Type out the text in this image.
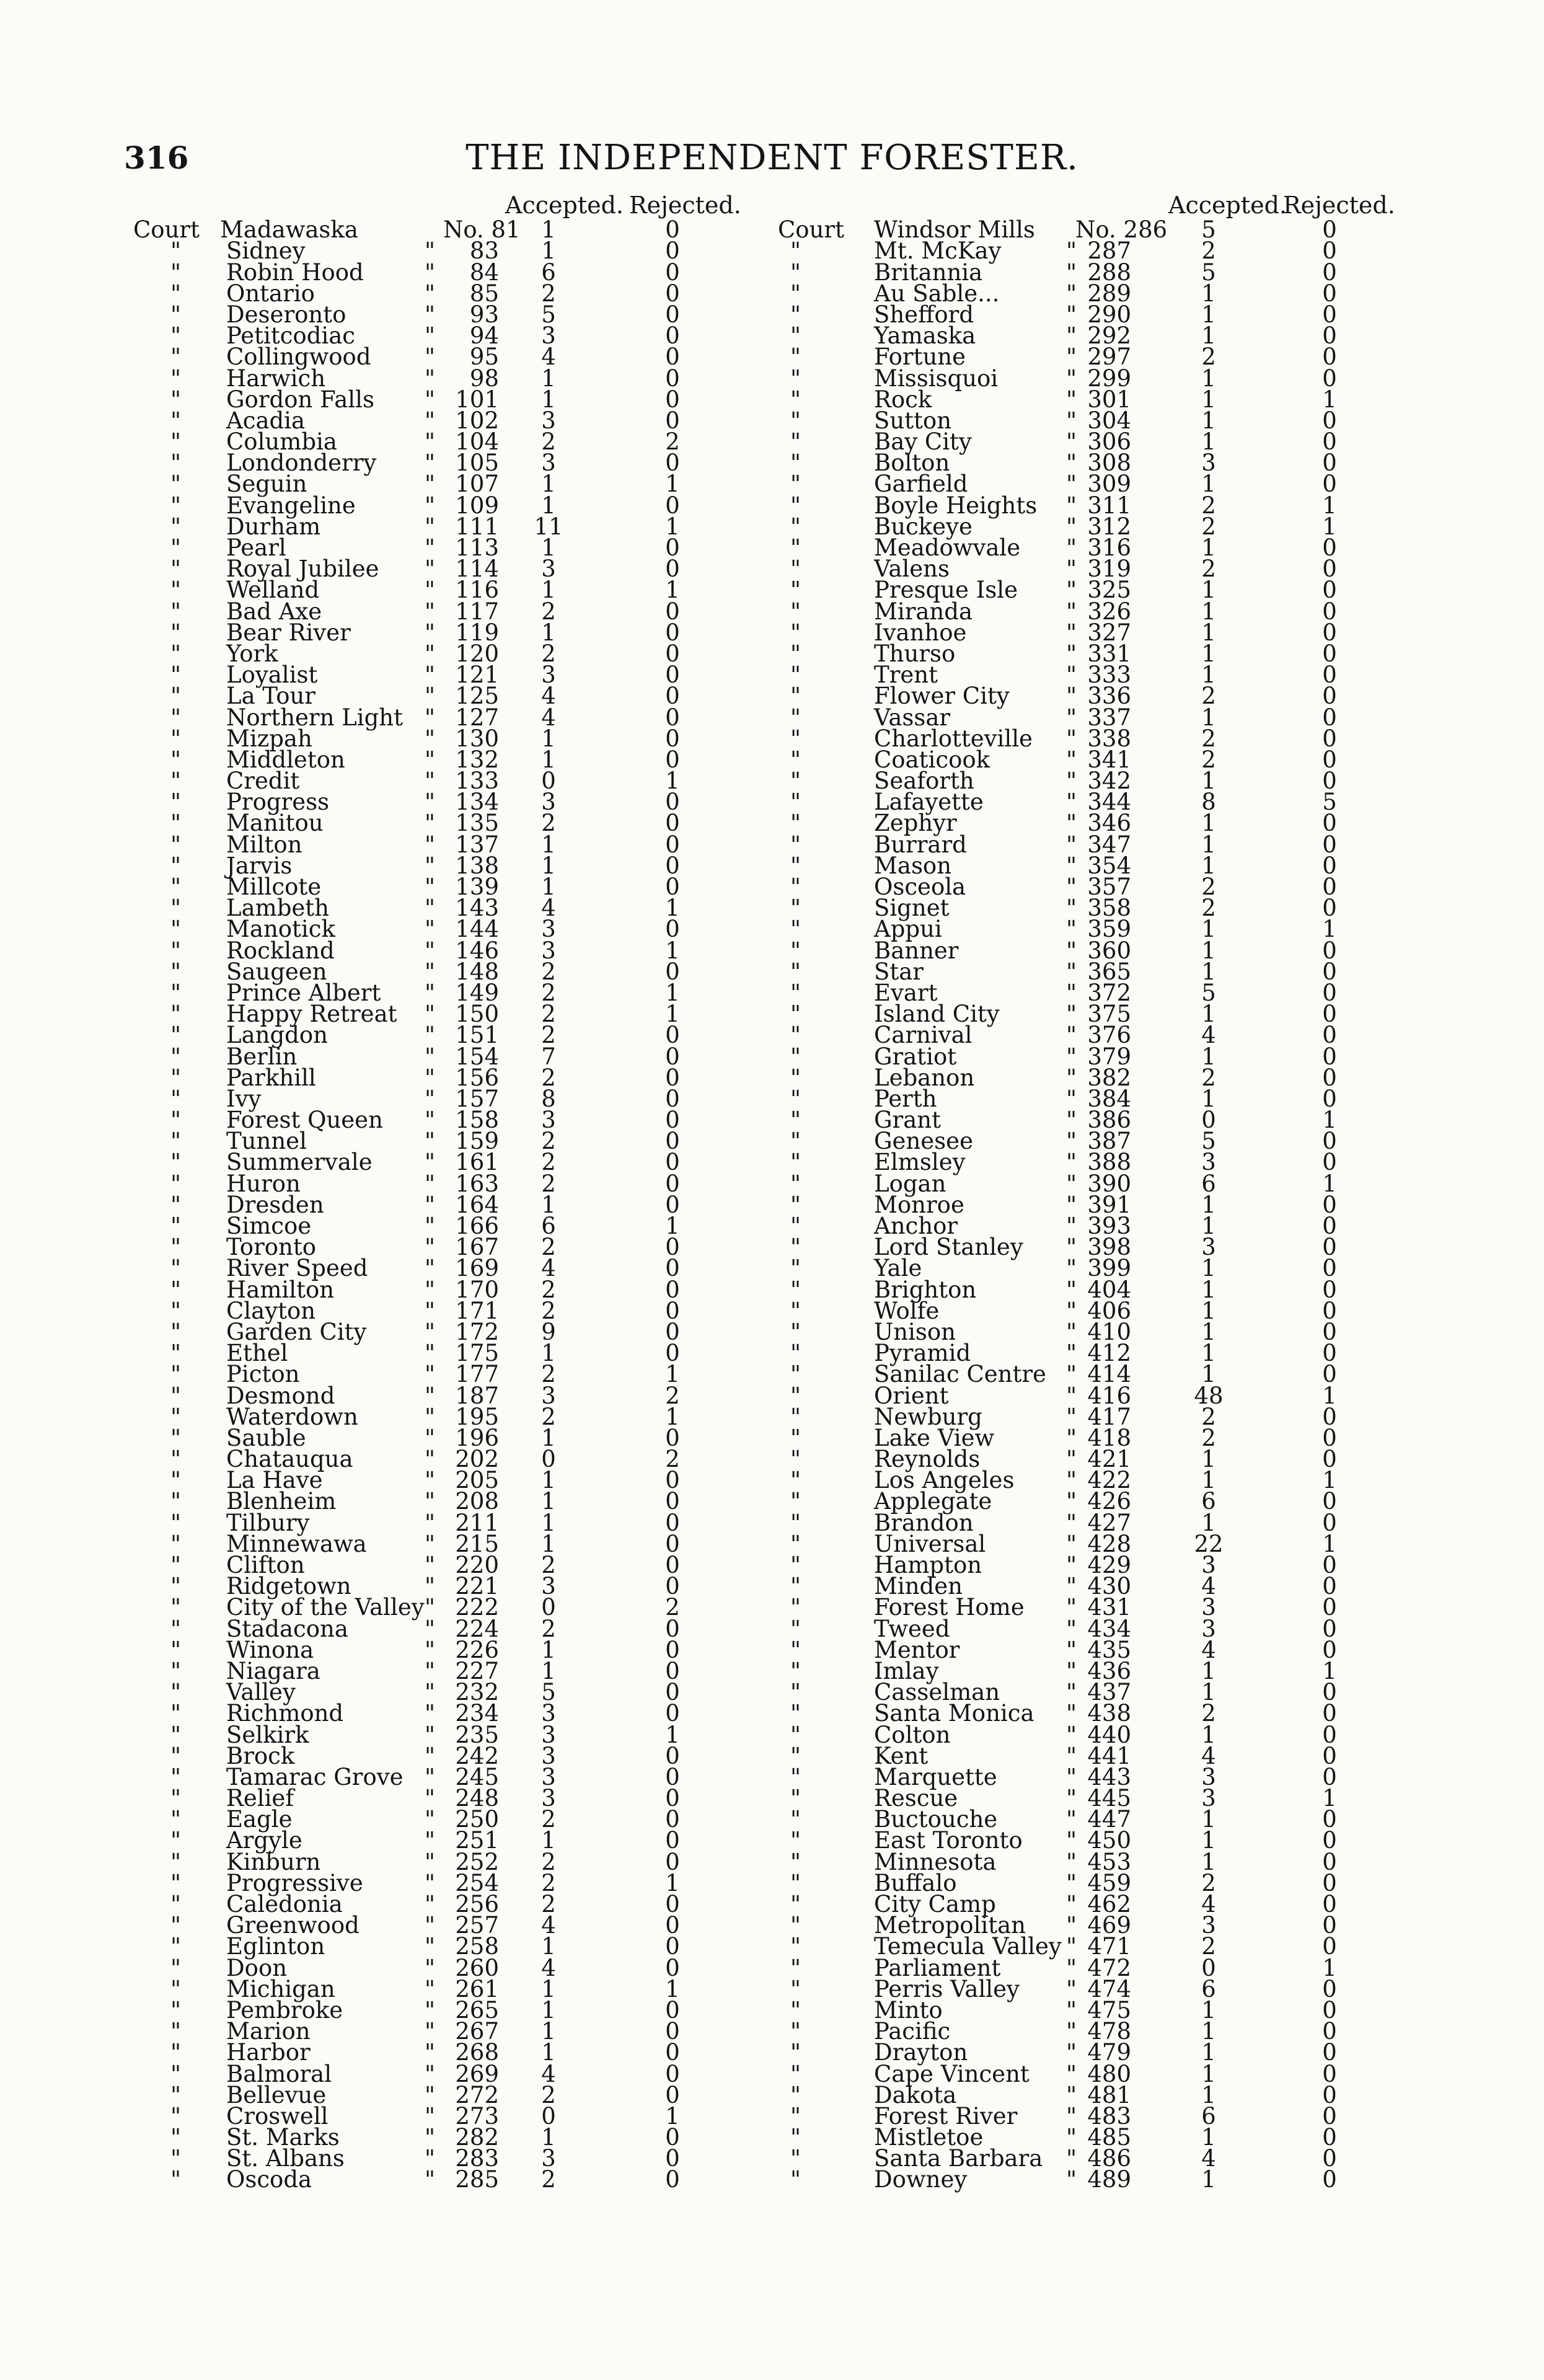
316	THE INDEPENDENT FORESTER.
Accepted. Rejected.
Court Madawaska	No. 81 1	0
" Sidney	"	83	1	0
" Robin Hood	"	84	6	0
" Ontario	"	85	2	0
" Deseronto	"	93	5	0
" Petitcodiac	"	94	3	0
" Collingwood "	95	4	0
" Harwich	"	98	1	0
" Gordon Falls " 101	1	0
" Acadia	" 102	3	0
" Columbia	" 104	2	2
" Londonderry " 105	3	0
" Seguin	" 107	1	1
" Evangeline	" 109	1	0
" Durham	" 111	11	1
" Pearl	" 113	1	0
" Royal Jubilee " 114	3	0
" Welland	" 116	1	1
" Bad Axe	" 117	2	0
" Bear River	" 119	1	0
" York	" 120	2	0
" Loyalist	" 121	3	0
" La Tour	" 125	4	0
" Northern Light " 127	4	0
" Mizpah	" 130	1	0
" Middleton	" 132	1	0
" Credit	" 133	0	1
" Progress	" 134	3	0
" Manitou	" 135	2	0
" Milton	" 137	1	0
" Jarvis	" 138	1	0
" Millcote	" 139	1	0
" Lambeth	" 143	4	1
" Manotick	" 144	3	0
" Rockland	" 146	3	1
" Saugeen	" 148	2	0
" Prince Albert " 149	2	1
" Happy Retreat " 150	2	1
" Langdon	" 151	2	0
" Berlin	" 154	7	0
" Parkhill	" 156	2	0
" Ivy	" 157	8	0
" Forest Queen " 158	3	0
" Tunnel	" 159	2	0
" Summervale " 161	2	0
" Huron	" 163	2	0
" Dresden	" 164	1	0
" Simcoe	" 166	6	1
" Toronto	" 167	2	0
" River Speed " 169	4	0
" Hamilton	" 170	2	0
" Clayton	" 171	2	0
" Garden City	" 172	9	0
" Ethel	" 175	1	0
" Picton	" 177	2	1
" Desmond	" 187	3	2
" Waterdown	" 195	2	1
" Sauble	" 196	1	0
" Chatauqua	" 202	0	2
" La Have	" 205	1	0
" Blenheim	" 208	1	0
" Tilbury	" 211	1	0
" Minnewawa	" 215	1	0
" Clifton	" 220	2	0
" Ridgetown	" 221	3	0
" City of the Valley " 222	0	2
" Stadacona	" 224	2	0
" Winona	" 226	1	0
" Niagara	" 227	1	0
" Valley	" 232	5	0
" Richmond	" 234	3	0
" Selkirk	" 235	3	1
" Brock	" 242	3	0
" Tamarac Grove " 245	3	0
" Relief	" 248	3	0
" Eagle	" 250	2	0
" Argyle	" 251	1	0
" Kinburn	" 252	2	0
" Progressive	" 254	2	1
" Caledonia	" 256	2	0
" Greenwood	" 257	4	0
" Eglinton	" 258	1	0
" Doon	" 260	4	0
" Michigan	" 261	1	1
" Pembroke	" 265	1	0
" Marion	" 267	1	0
" Harbor	" 268	1	0
" Balmoral	" 269	4	0
" Bellevue	" 272	2	0
" Croswell	" 273	0	1
" St. Marks	" 282	1	0
" St. Albans	" 283	3	0
" Oscoda	" 285	2	0
Accepted.
Rejected.
Court Windsor Mills No. 286	5	0
"	Mt. McKay	" 287	2	0
"	Britannia	" 288	5	0
"	Au Sable...	" 289	1	0
"	Shefford	" 290	1	0
"	Yamaska	" 292	1	0
"	Fortune	" 297	2	0
"	Missisquoi	" 299	1	0
"	Rock	" 301	1	1
"	Sutton	" 304	1	0
"	Bay City	" 306	1	0
"	Bolton	" 308	3	0
"	Garfield	" 309	1	0
"	Boyle Heights " 311	2	1
"	Buckeye	" 312	2	1
"	Meadowvale " 316	1	0
"	Valens	" 319	2	0
"	Presque Isle " 325	1	0
"	Miranda	" 326	1	0
"	Ivanhoe	" 327	1	0
"	Thurso	" 331	1	0
"	Trent	" 333	1	0
"	Flower City " 336	2	0
"	Vassar	" 337	1	0
"	Charlotteville " 338	2	0
"	Coaticook	" 341	2	0
"	Seaforth	" 342	1	0
"	Lafayette	" 344	8	5
"	Zephyr	" 346	1	0
"	Burrard	" 347	1	0
"	Mason	" 354	1	0
"	Osceola	" 357	2	0
"	Signet	" 358	2	0
"	Appui	" 359	1	1
"	Banner	" 360	1	0
"	Star	" 365	1	0
"	Evart	" 372	5	0
"	Island City	" 375	1	0
"	Carnival	" 376	4	0
"	Gratiot	" 379	1	0
"	Lebanon	" 382	2	0
"	Perth	" 384	1	0
"	Grant	" 386	0	1
"	Genesee	" 387	5	0
"	Elmsley	" 388	3	0
"	Logan	" 390	6	1
"	Monroe	" 391	1	0
"	Anchor	" 393	1	0
"	Lord Stanley " 398	3	0
"	Yale	" 399	1	0
"	Brighton	" 404	1	0
"	Wolfe	" 406	1	0
"	Unison	" 410	1	0
"	Pyramid	" 412	1	0
"	Sanilac Centre " 414	1	0
"	Orient	" 416	48	1
"	Newburg	" 417	2	0
"	Lake View	" 418	2	0
"	Reynolds	" 421	1	0
"	Los Angeles " 422	1	1
"	Applegate	" 426	6	0
"	Brandon	" 427	1	0
"	Universal	" 428	22	1
"	Hampton	" 429	3	0
"	Minden	" 430	4	0
"	Forest Home " 431	3	0
"	Tweed	" 434	3	0
"	Mentor	" 435	4	0
"	Imlay	" 436	1	1
"	Casselman	" 437	1	0
"	Santa Monica " 438	2	0
"	Colton	" 440	1	0
"	Kent	" 441	4	0
"	Marquette	" 443	3	0
"	Rescue	" 445	3	1
"	Buctouche	" 447	1	0
"	East Toronto " 450	1	0
"	Minnesota	" 453	1	0
"	Buffalo	" 459	2	0
"	City Camp	" 462	4	0
"	Metropolitan " 469	3	0
"	Temecula Valley " 471	2	0
"	Parliament	" 472	0	1
"	Perris Valley " 474	6	0
"	Minto	" 475	1	0
"	Pacific	" 478	1	0
"	Drayton	" 479	1	0
"	Cape Vincent " 480	1	0
"	Dakota	" 481	1	0
"	Forest River " 483	6	0
"	Mistletoe	" 485	1	0
"	Santa Barbara " 486	4	0
"	Downey	" 489	1	0
